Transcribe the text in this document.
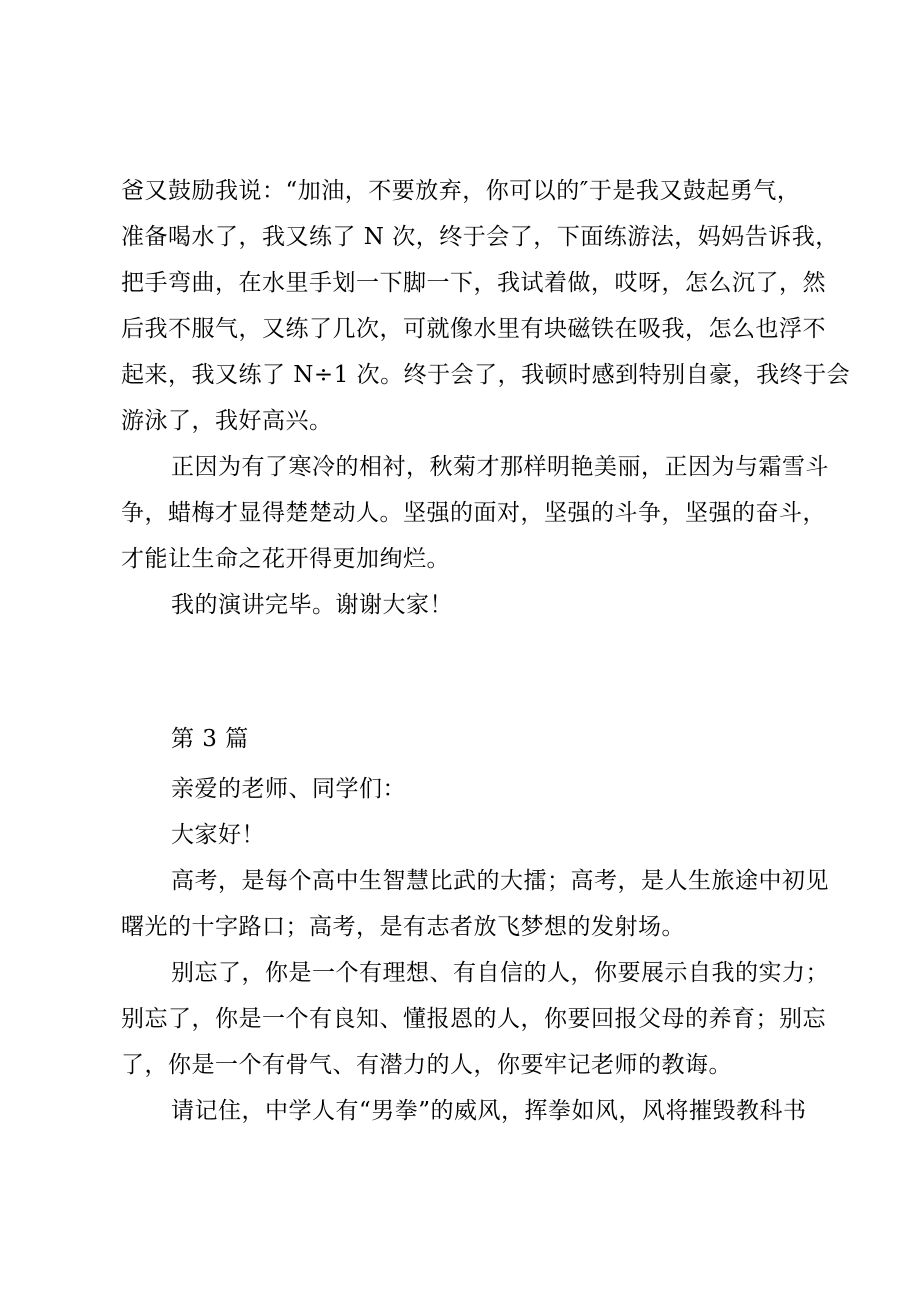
爸又鼓励我说：“加油，不要放弃，你可以的″于是我又鼓起勇气，
准备喝水了，我又练了 N 次，终于会了，下面练游法，妈妈告诉我，
把手弯曲，在水里手划一下脚一下，我试着做，哎呀，怎么沉了，然
后我不服气，又练了几次，可就像水里有块磁铁在吸我，怎么也浮不
起来，我又练了 N÷1 次。终于会了，我顿时感到特别自豪，我终于会
游泳了，我好高兴。
正因为有了寒冷的相衬，秋菊才那样明艳美丽，正因为与霜雪斗
争，蜡梅才显得楚楚动人。坚强的面对，坚强的斗争，坚强的奋斗，
才能让生命之花开得更加绚烂。
我的演讲完毕。谢谢大家！
第 3 篇
亲爱的老师、同学们：
大家好！
高考，是每个高中生智慧比武的大擂；高考，是人生旅途中初见
曙光的十字路口；高考，是有志者放飞梦想的发射场。
别忘了，你是一个有理想、有自信的人，你要展示自我的实力；
别忘了，你是一个有良知、懂报恩的人，你要回报父母的养育；别忘
了，你是一个有骨气、有潜力的人，你要牢记老师的教诲。
请记住，中学人有“男拳”的威风，挥拳如风，风将摧毁教科书
